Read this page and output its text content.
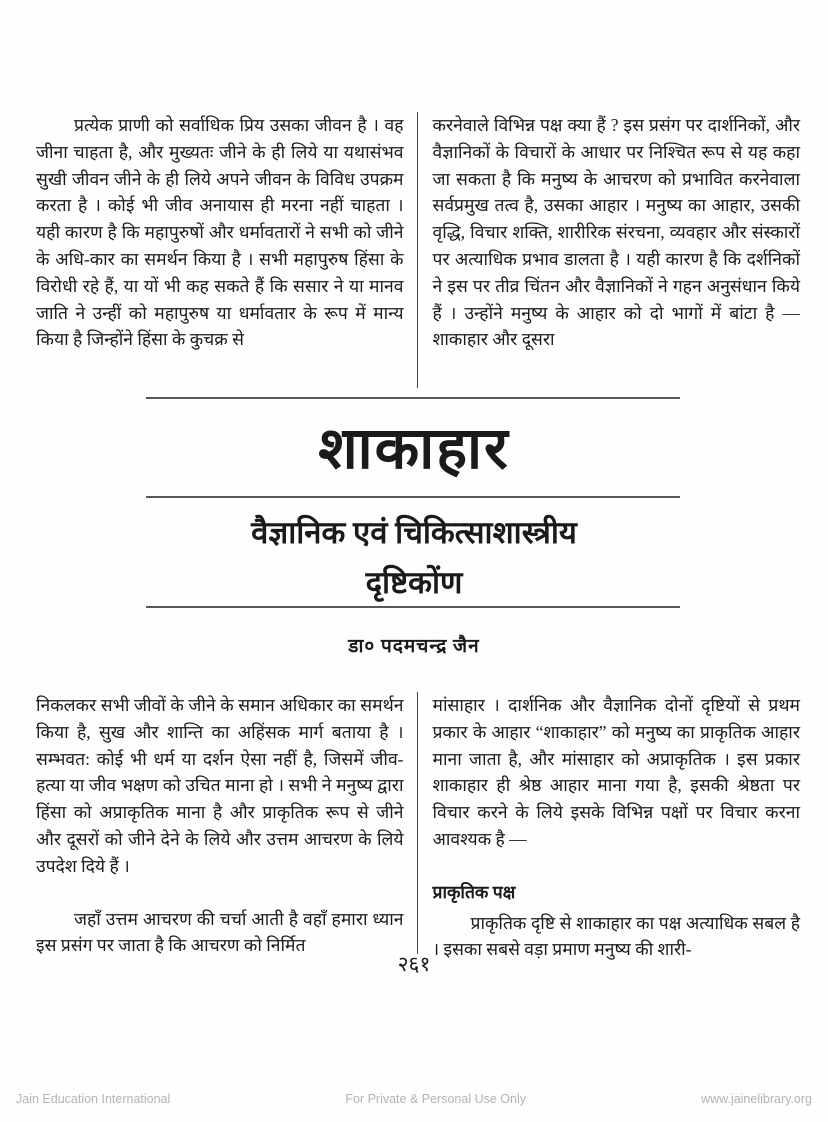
प्रत्येक प्राणी को सर्वाधिक प्रिय उसका जीवन है । वह जीना चाहता है, और मुख्यतः जीने के ही लिये या यथासंभव सुखी जीवन जीने के ही लिये अपने जीवन के विविध उपक्रम करता है । कोई भी जीव अनायास ही मरना नहीं चाहता । यही कारण है कि महापुरुषों और धर्मावतारों ने सभी को जीने के अधि-कार का समर्थन किया है । सभी महापुरुष हिंसा के विरोधी रहे हैं, या यों भी कह सकते हैं कि ससार ने या मानव जाति ने उन्हीं को महापुरुष या धर्मावतार के रूप में मान्य किया है जिन्होंने हिंसा के कुचक्र से

करनेवाले विभिन्न पक्ष क्या हैं ? इस प्रसंग पर दार्शनिकों, और वैज्ञानिकों के विचारों के आधार पर निश्चित रूप से यह कहा जा सकता है कि मनुष्य के आचरण को प्रभावित करनेवाला सर्वप्रमुख तत्व है, उसका आहार । मनुष्य का आहार, उसकी वृद्धि, विचार शक्ति, शारीरिक संरचना, व्यवहार और संस्कारों पर अत्याधिक प्रभाव डालता है । यही कारण है कि दर्शनिकों ने इस पर तीव्र चिंतन और वैज्ञानिकों ने गहन अनुसंधान किये हैं । उन्होंने मनुष्य के आहार को दो भागों में बांटा है —शाकाहार और दूसरा

शाकाहार
वैज्ञानिक एवं चिकित्साशास्त्रीय
दृष्टिकोंण
डा० पदमचन्द्र जैन

निकलकर सभी जीवों के जीने के समान अधिकार का समर्थन किया है, सुख और शान्ति का अहिंसक मार्ग बताया है । सम्भवत: कोई भी धर्म या दर्शन ऐसा नहीं है, जिसमें जीव-हत्या या जीव भक्षण को उचित माना हो । सभी ने मनुष्य द्वारा हिंसा को अप्राकृतिक माना है और प्राकृतिक रूप से जीने और दूसरों को जीने देने के लिये और उत्तम आचरण के लिये उपदेश दिये हैं ।

जहाँ उत्तम आचरण की चर्चा आती है वहाँ हमारा ध्यान इस प्रसंग पर जाता है कि आचरण को निर्मित

मांसाहार । दार्शनिक और वैज्ञानिक दोनों दृष्टियों से प्रथम प्रकार के आहार “शाकाहार” को मनुष्य का प्राकृतिक आहार माना जाता है, और मांसाहार को अप्राकृतिक । इस प्रकार शाकाहार ही श्रेष्ठ आहार माना गया है, इसकी श्रेष्ठता पर विचार करने के लिये इसके विभिन्न पक्षों पर विचार करना आवश्यक है —

प्राकृतिक पक्ष

प्राकृतिक दृष्टि से शाकाहार का पक्ष अत्याधिक सबल है । इसका सबसे वड़ा प्रमाण मनुष्य की शारी-

२६१
Jain Education International	For Private & Personal Use Only	www.jainelibrary.org
